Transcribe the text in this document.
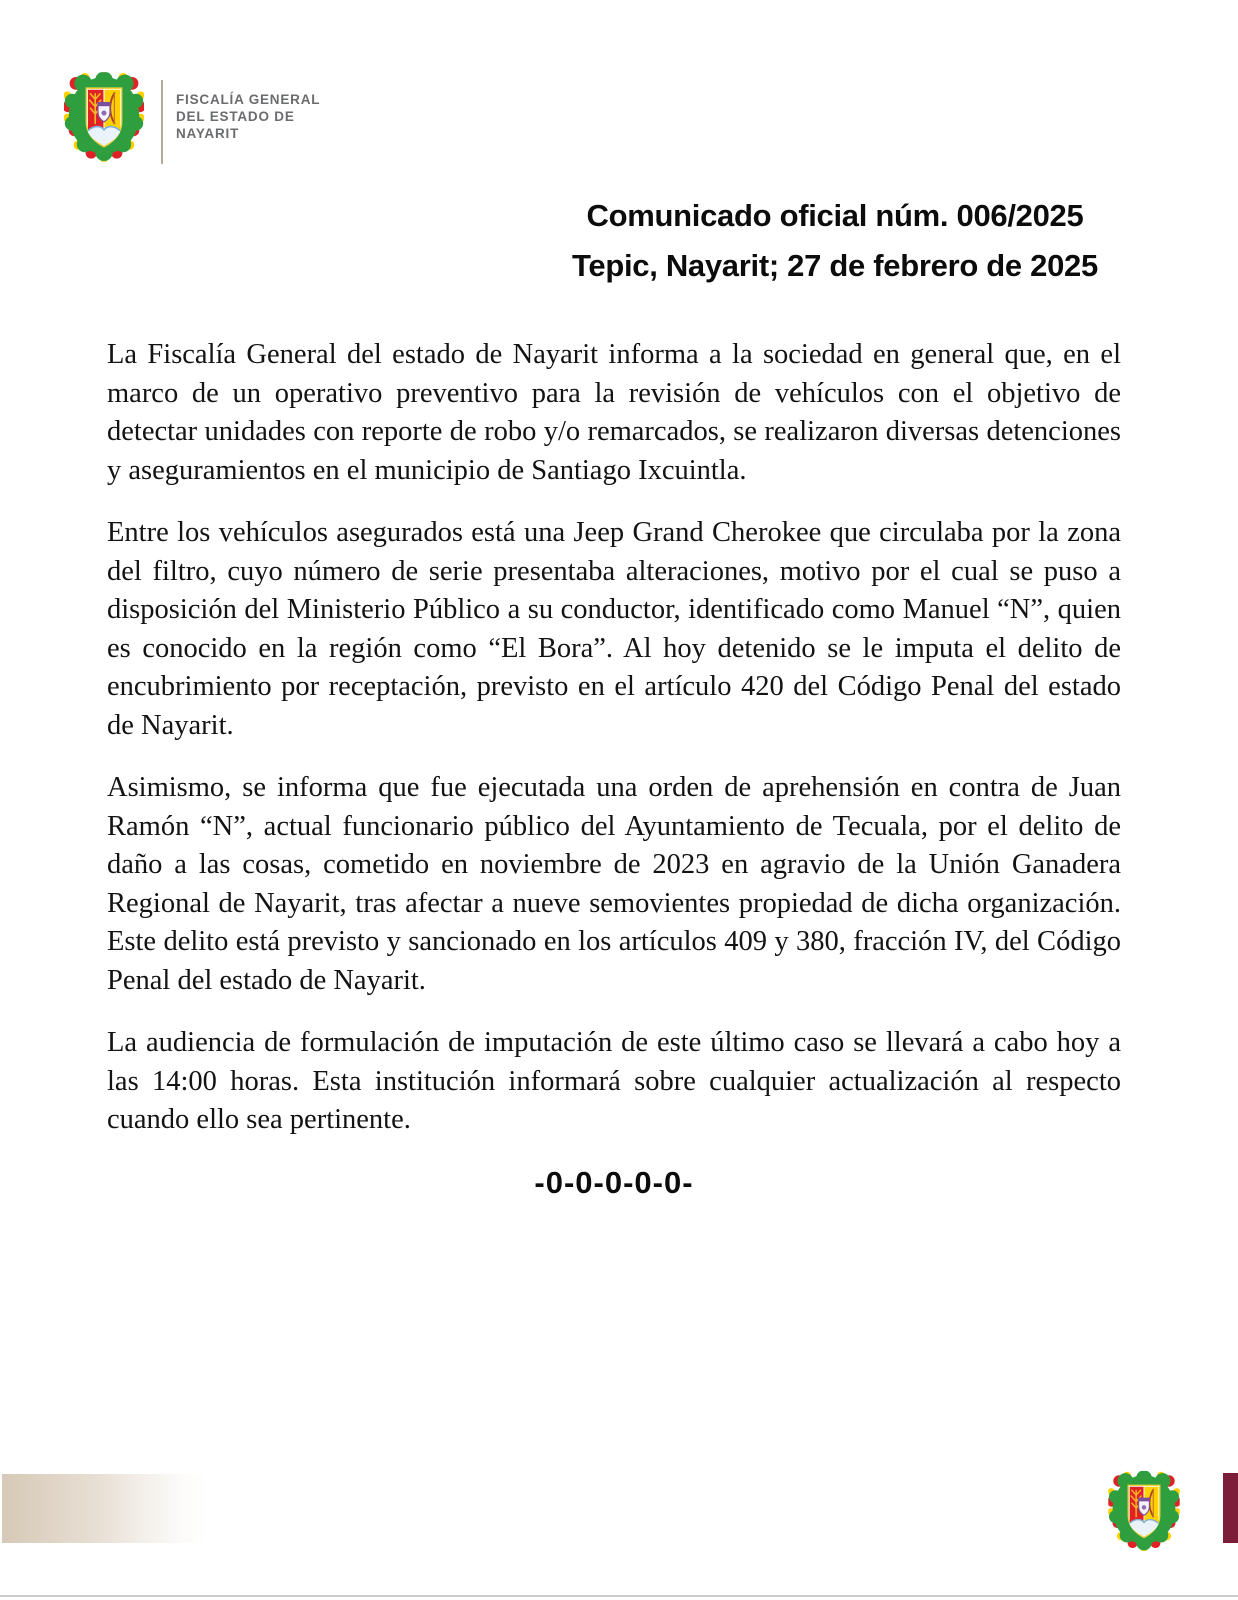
FISCALÍA GENERAL
DEL ESTADO DE
NAYARIT
Comunicado oficial núm. 006/2025
Tepic, Nayarit; 27 de febrero de 2025

La Fiscalía General del estado de Nayarit informa a la sociedad en general que, en el marco de un operativo preventivo para la revisión de vehículos con el objetivo de detectar unidades con reporte de robo y/o remarcados, se realizaron diversas detenciones y aseguramientos en el municipio de Santiago Ixcuintla.

Entre los vehículos asegurados está una Jeep Grand Cherokee que circulaba por la zona del filtro, cuyo número de serie presentaba alteraciones, motivo por el cual se puso a disposición del Ministerio Público a su conductor, identificado como Manuel “N”, quien es conocido en la región como “El Bora”. Al hoy detenido se le imputa el delito de encubrimiento por receptación, previsto en el artículo 420 del Código Penal del estado de Nayarit.

Asimismo, se informa que fue ejecutada una orden de aprehensión en contra de Juan Ramón “N”, actual funcionario público del Ayuntamiento de Tecuala, por el delito de daño a las cosas, cometido en noviembre de 2023 en agravio de la Unión Ganadera Regional de Nayarit, tras afectar a nueve semovientes propiedad de dicha organización. Este delito está previsto y sancionado en los artículos 409 y 380, fracción IV, del Código Penal del estado de Nayarit.

La audiencia de formulación de imputación de este último caso se llevará a cabo hoy a las 14:00 horas. Esta institución informará sobre cualquier actualización al respecto cuando ello sea pertinente.

-0-0-0-0-0-
